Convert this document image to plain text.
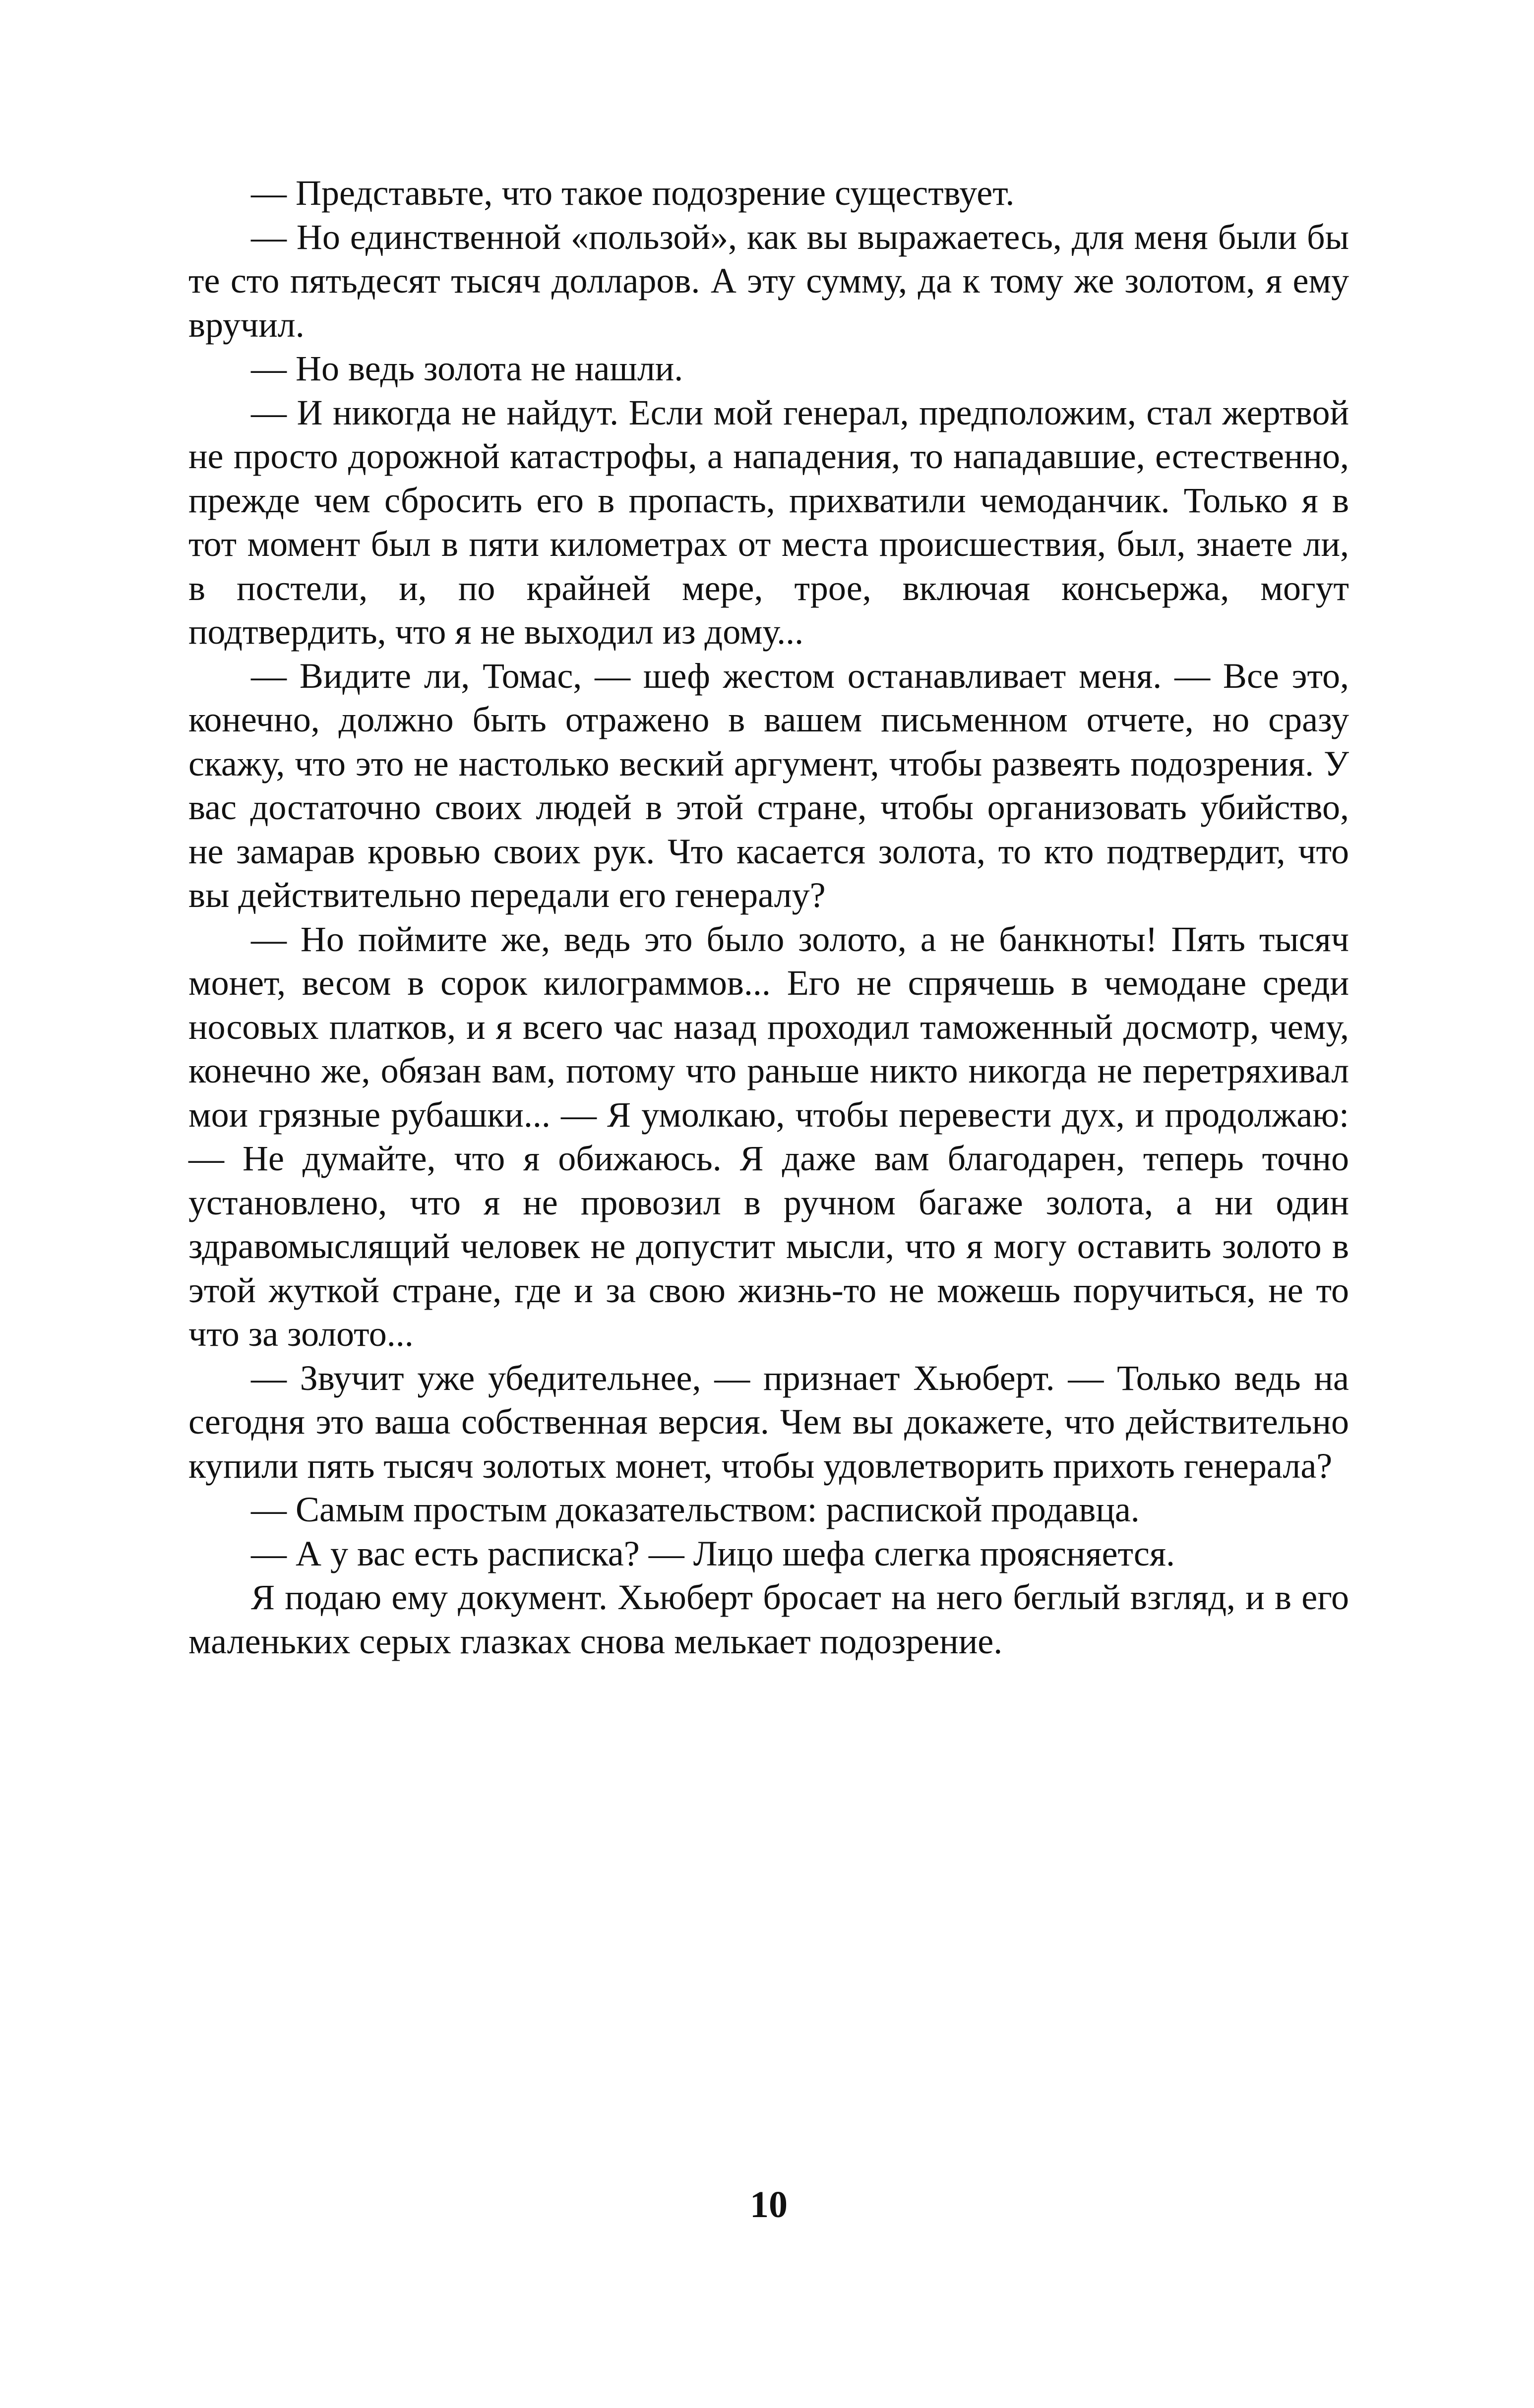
— Представьте, что такое подозрение существует.

— Но единственной «пользой», как вы выражаетесь, для меня были бы те сто пятьдесят тысяч долларов. А эту сумму, да к тому же золотом, я ему вручил.

— Но ведь золота не нашли.

— И никогда не найдут. Если мой генерал, предположим, стал жертвой не просто дорожной катастрофы, а нападения, то нападавшие, естественно, прежде чем сбросить его в пропасть, прихватили чемоданчик. Только я в тот момент был в пяти километрах от места происшествия, был, знаете ли, в постели, и, по крайней мере, трое, включая консьержа, могут подтвердить, что я не выходил из дому...

— Видите ли, Томас, — шеф жестом останавливает меня. — Все это, конечно, должно быть отражено в вашем письменном отчете, но сразу скажу, что это не настолько веский аргумент, чтобы развеять подозрения. У вас достаточно своих людей в этой стране, чтобы организовать убийство, не замарав кровью своих рук. Что касается золота, то кто подтвердит, что вы действительно передали его генералу?

— Но поймите же, ведь это было золото, а не банкноты! Пять тысяч монет, весом в сорок килограммов... Его не спрячешь в чемодане среди носовых платков, и я всего час назад проходил таможенный досмотр, чему, конечно же, обязан вам, потому что раньше никто никогда не перетряхивал мои грязные рубашки... — Я умолкаю, чтобы перевести дух, и продолжаю: — Не думайте, что я обижаюсь. Я даже вам благодарен, теперь точно установлено, что я не провозил в ручном багаже золота, а ни один здравомыслящий человек не допустит мысли, что я могу оставить золото в этой жуткой стране, где и за свою жизнь-то не можешь поручиться, не то что за золото...

— Звучит уже убедительнее, — признает Хьюберт. — Только ведь на сегодня это ваша собственная версия. Чем вы докажете, что действительно купили пять тысяч золотых монет, чтобы удовлетворить прихоть генерала?

— Самым простым доказательством: распиской продавца.

— А у вас есть расписка? — Лицо шефа слегка проясняется.

Я подаю ему документ. Хьюберт бросает на него беглый взгляд, и в его маленьких серых глазках снова мелькает подозрение.

10
